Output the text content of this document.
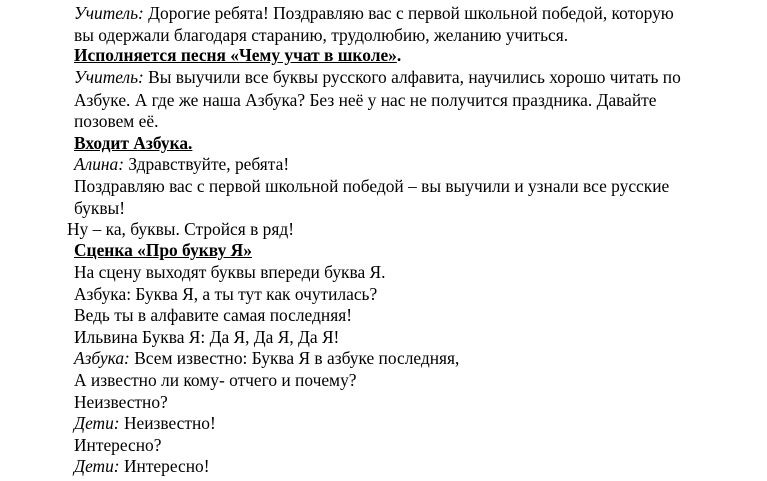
Учитель: Дорогие ребята! Поздравляю вас с первой школьной победой, которую
вы одержали благодаря старанию, трудолюбию, желанию учиться.
Исполняется песня «Чему учат в школе».
Учитель: Вы выучили все буквы русского алфавита, научились хорошо читать по
Азбуке. А где же наша Азбука? Без неё у нас не получится праздника. Давайте
позовем её.
Входит Азбука.
Алина: Здравствуйте, ребята!
Поздравляю вас с первой школьной победой – вы выучили и узнали все русские
буквы!
Ну – ка, буквы. Стройся в ряд!
Сценка «Про букву Я»
На сцену выходят буквы впереди буква Я.
Азбука: Буква Я, а ты тут как очутилась?
Ведь ты в алфавите самая последняя!
Ильвина Буква Я: Да Я, Да Я, Да Я!
Азбука: Всем известно: Буква Я в азбуке последняя,
А известно ли кому- отчего и почему?
Неизвестно?
Дети: Неизвестно!
Интересно?
Дети: Интересно!
